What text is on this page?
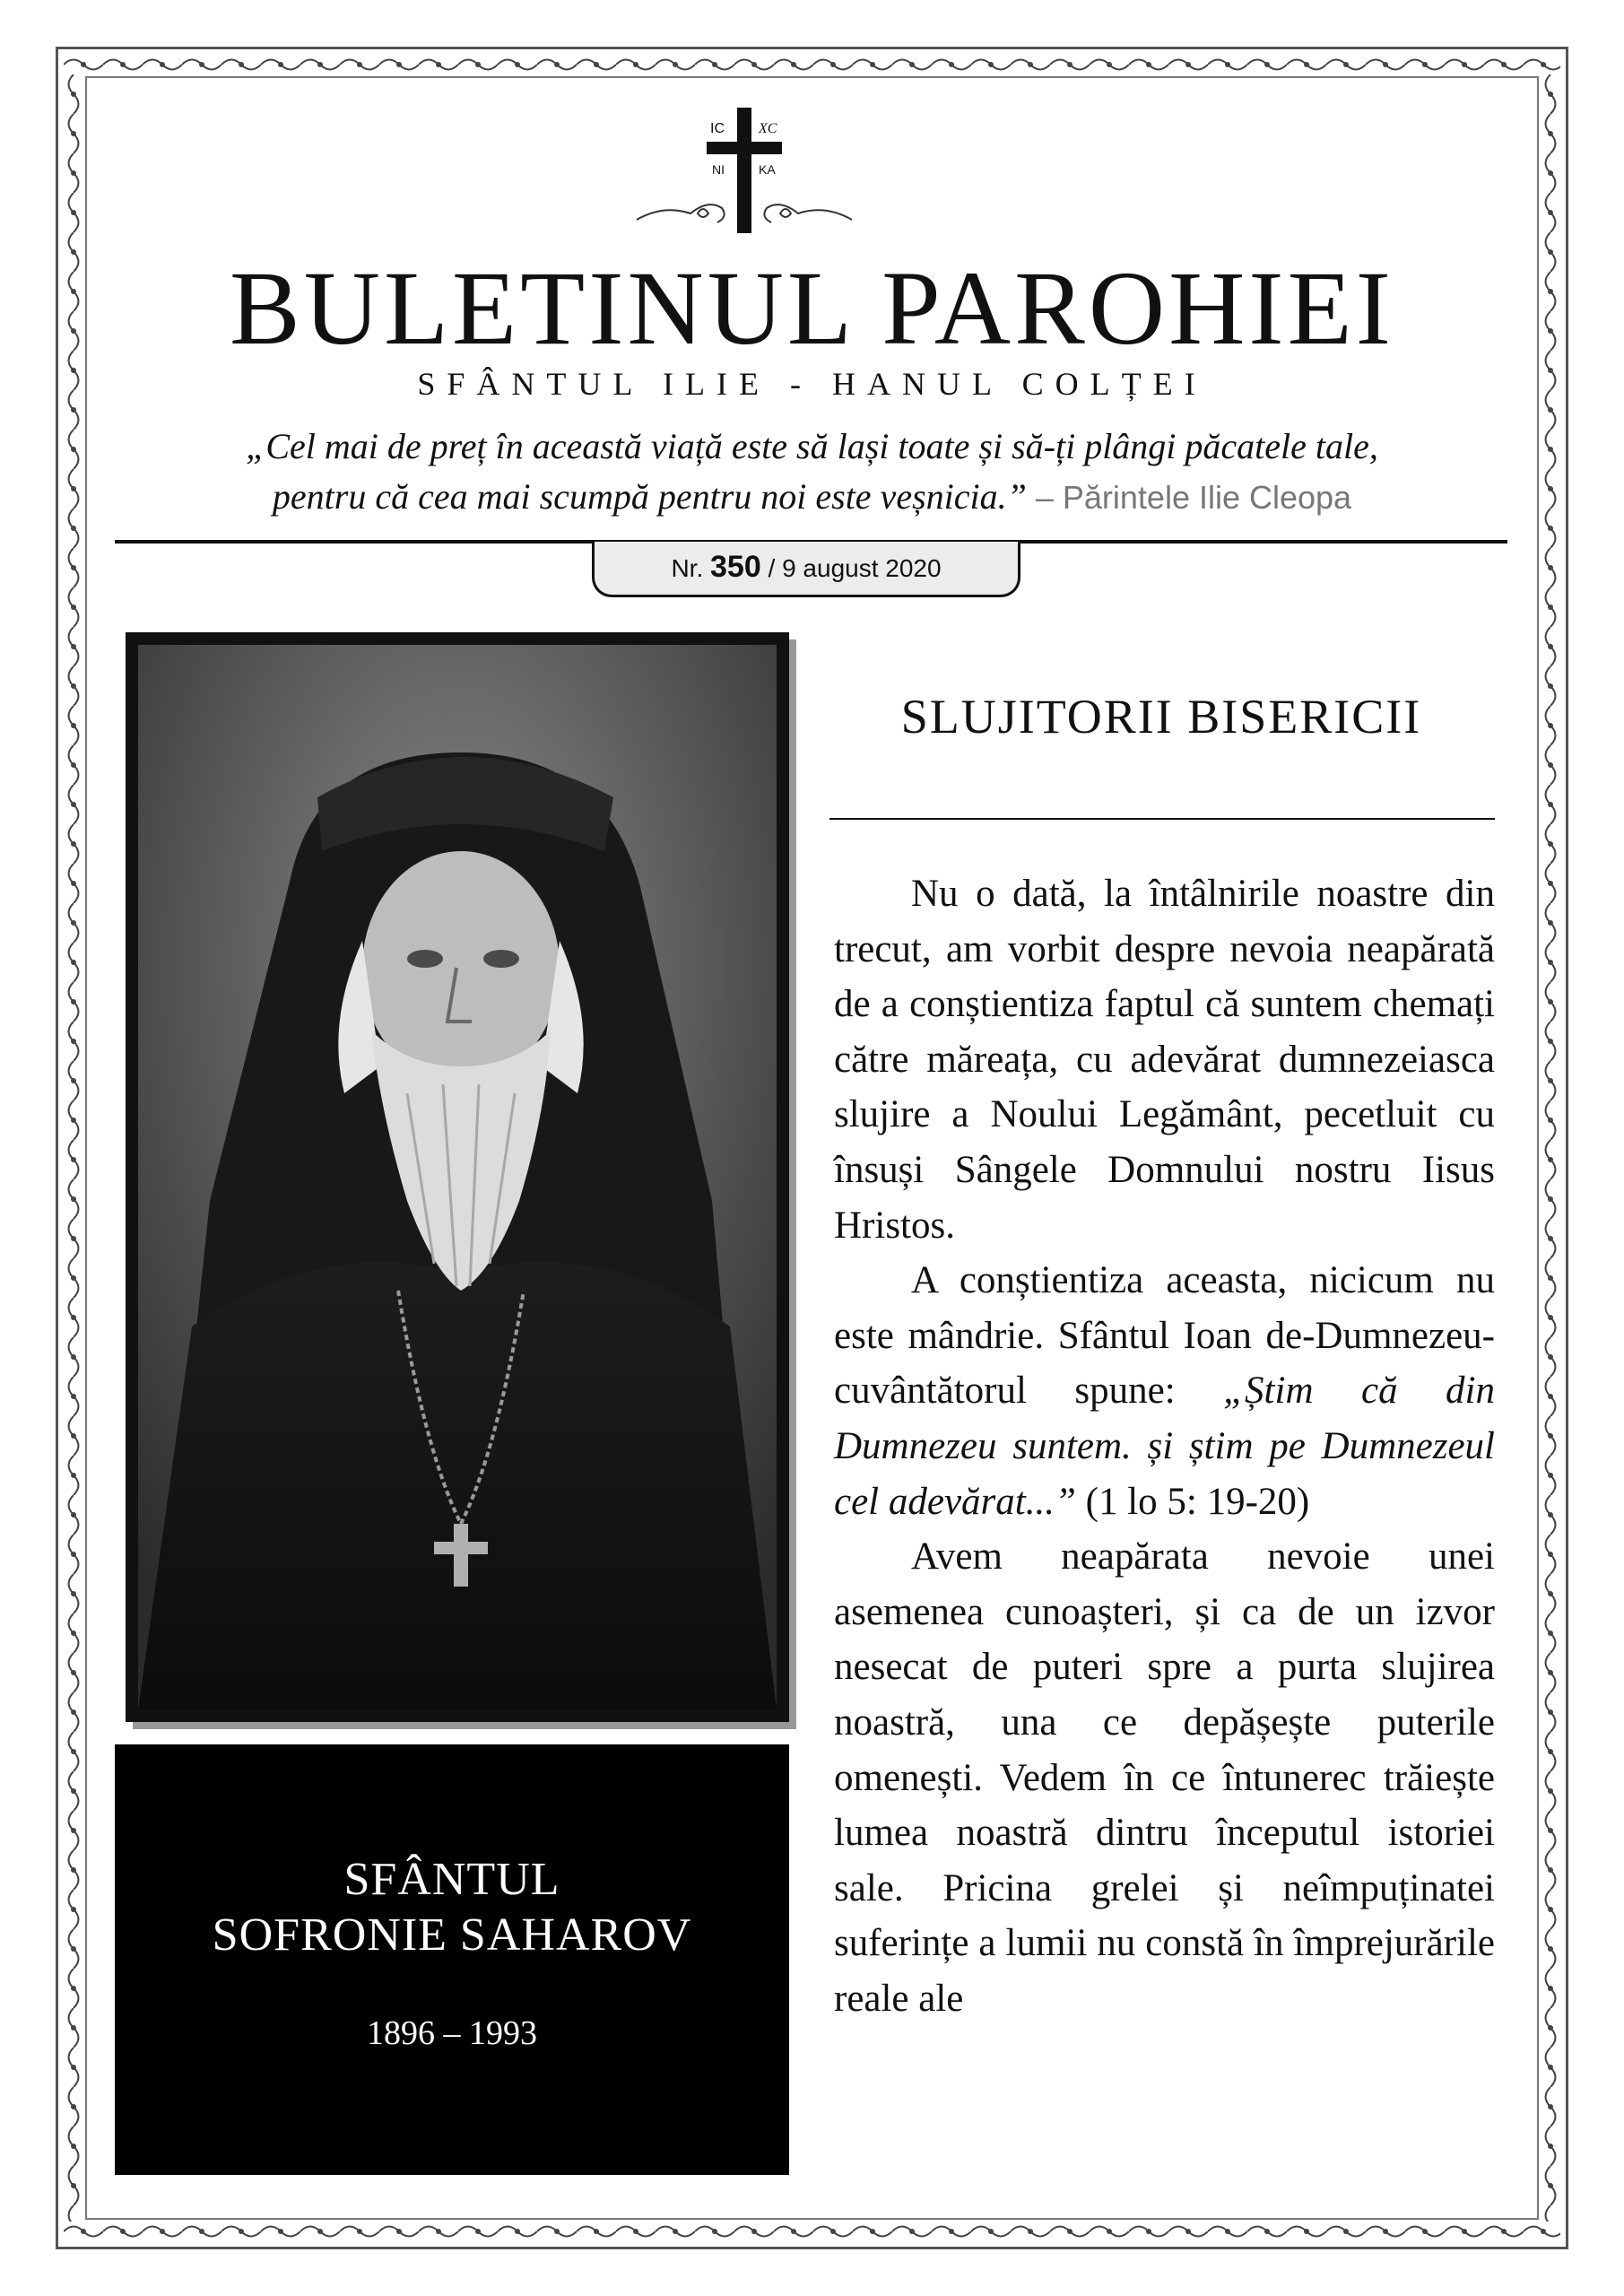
IC XC
NI	KA
BULETINUL PAROHIEI
SFÂNTUL ILIE - HANUL COLȚEI
„Cel mai de preț în această viață este să lași toate și să-ți plângi păcatele tale,
pentru că cea mai scumpă pentru noi este veșnicia.” – Părintele Ilie Cleopa
Nr. 350 / 9 august 2020
SFÂNTUL
SOFRONIE SAHAROV
1896 – 1993
SLUJITORII BISERICII

Nu o dată, la întâlnirile noastre din trecut, am vorbit despre nevoia neapărată de a conștientiza faptul că suntem chemați către măreața, cu adevărat dumnezeiasca slujire a Noului Legământ, pecetluit cu însuși Sângele Domnului nostru Iisus Hristos.

A conștientiza aceasta, nicicum nu este mândrie. Sfântul Ioan de-Dumnezeu-cuvântătorul spune: „Știm că din Dumnezeu suntem. și știm pe Dumnezeul cel adevărat...” (1 lo 5: 19-20)

Avem neapărata nevoie unei asemenea cunoașteri, și ca de un izvor nesecat de puteri spre a purta slujirea noastră, una ce depășește puterile omenești. Vedem în ce întunerec trăiește lumea noastră dintru începutul istoriei sale. Pricina grelei și neîmpuținatei suferințe a lumii nu constă în împrejurările reale ale
